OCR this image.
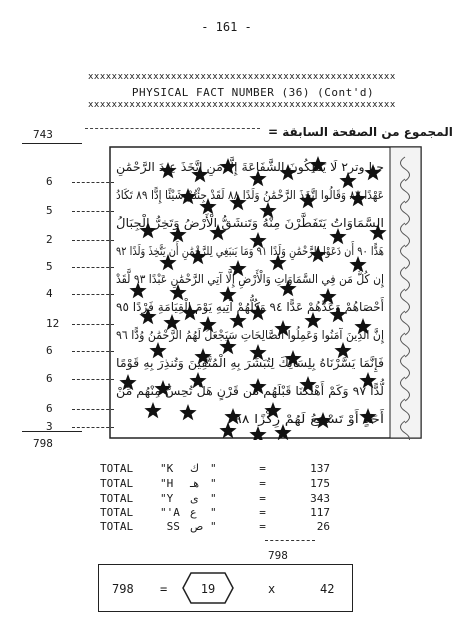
- 161 -
xxxxxxxxxxxxxxxxxxxxxxxxxxxxxxxxxxxxxxxxxxxxxxxxxxxx
PHYSICAL FACT NUMBER (36) (Cont'd)
xxxxxxxxxxxxxxxxxxxxxxxxxxxxxxxxxxxxxxxxxxxxxxxxxxxx
743	المجموع من الصفحة السابقة =
6
5
2
5
4
12
6
6
6
3
798
حيا وتر٢ لَا يَمْلِكُونَ الشَّفَاعَةَ مَنِ اتَّخَذَ عِندَ الرَّحْمَٰنِ
عَهْدًا ٨٧ وَقَالُوا اتَّخَذَ الرَّحْمَٰنُ وَلَدًا ٨٨ لَقَدْ جِئْتُمْ شَيْئًا إِدًّا ٨٩ تَكَادُ
السَّمَاوَاتُ يَتَفَطَّرْنَ مِنْهُ وَتَنشَقُّ الْأَرْضُ وَتَخِرُّ الْجِبَالُ
هَدًّا ٩٠ أَن دَعَوْا لِلرَّحْمَٰنِ وَلَدًا ٩١ وَمَا يَنبَغِي لِلرَّحْمَٰنِ أَن يَتَّخِذَ وَلَدًا ٩٢
إِن كُلُّ مَن فِي السَّمَاوَاتِ وَالْأَرْضِ إِلَّا آتِي الرَّحْمَٰنِ عَبْدًا ٩٣ لَّقَدْ
أَحْصَاهُمْ وَعَدَّهُمْ عَدًّا ٩٤ وَكُلُّهُمْ آتِيهِ يَوْمَ الْقِيَامَةِ فَرْدًا ٩٥
إِنَّ الَّذِينَ آمَنُوا وَعَمِلُوا الصَّالِحَاتِ سَيَجْعَلُ لَهُمُ الرَّحْمَٰنُ وُدًّا ٩٦
فَإِنَّمَا يَسَّرْنَاهُ بِلِسَانِكَ لِتُبَشِّرَ بِهِ الْمُتَّقِينَ وَتُنذِرَ بِهِ قَوْمًا
لُّدًّا ٩٧ وَكَمْ أَهْلَكْنَا قَبْلَهُم مِّن قَرْنٍ هَلْ تُحِسُّ مِنْهُم مِّنْ
أَحَدٍ أَوْ تَسْمَعُ لَهُمْ رِكْزًا ٩٨
TOTAL "K ك "	=	137
TOTAL "H هـ "	=	175
TOTAL "Y ى "	=	343
TOTAL "'A ع "	=	117
TOTAL SS ص "	=	26
798
798 =	19	x	42
